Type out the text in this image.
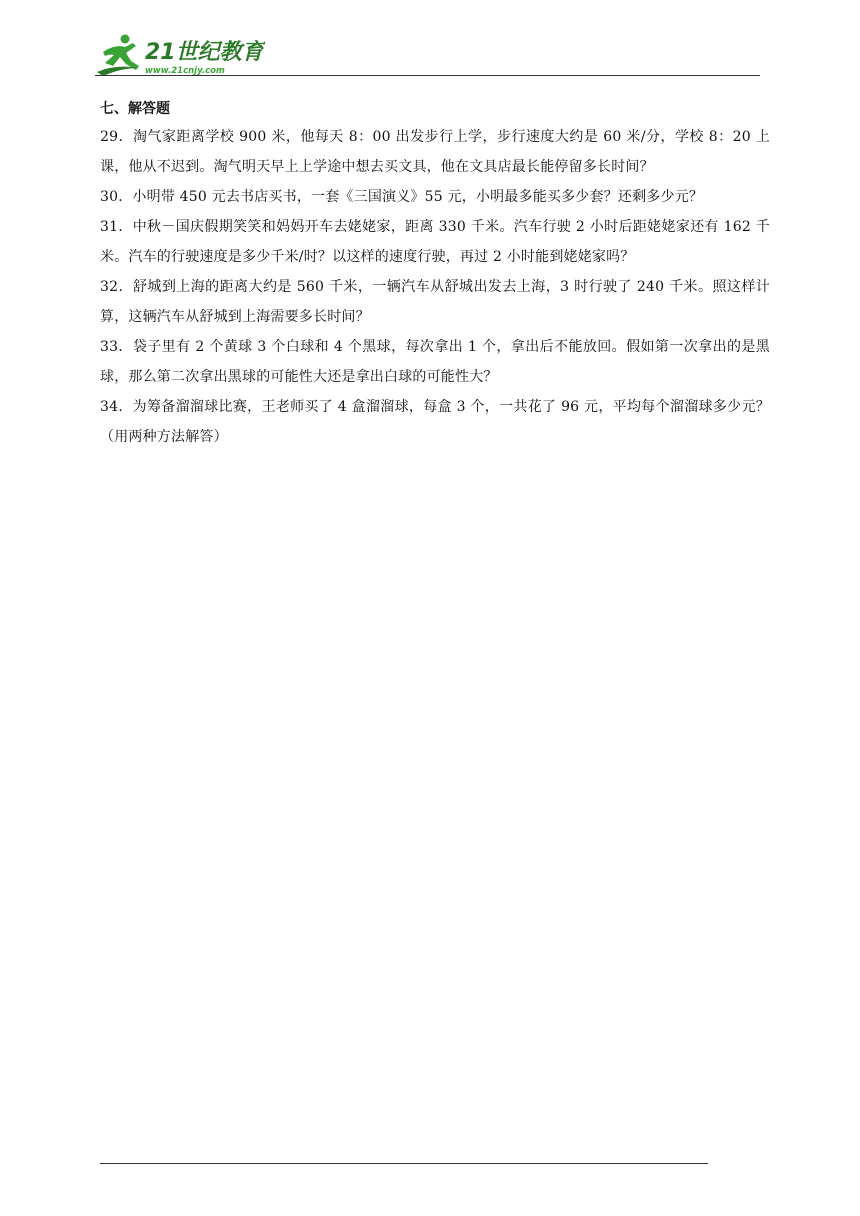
21世纪教育
www.21cnjy.com
七、解答题

29．淘气家距离学校 900 米，他每天 8：00 出发步行上学，步行速度大约是 60 米/分，学校 8：20 上课，他从不迟到。淘气明天早上上学途中想去买文具，他在文具店最长能停留多长时间？

30．小明带 450 元去书店买书，一套《三国演义》55 元，小明最多能买多少套？还剩多少元？

31．中秋－国庆假期笑笑和妈妈开车去姥姥家，距离 330 千米。汽车行驶 2 小时后距姥姥家还有 162 千米。汽车的行驶速度是多少千米/时？以这样的速度行驶，再过 2 小时能到姥姥家吗？

32．舒城到上海的距离大约是 560 千米，一辆汽车从舒城出发去上海，3 时行驶了 240 千米。照这样计算，这辆汽车从舒城到上海需要多长时间？

33．袋子里有 2 个黄球 3 个白球和 4 个黑球，每次拿出 1 个，拿出后不能放回。假如第一次拿出的是黑球，那么第二次拿出黑球的可能性大还是拿出白球的可能性大？

34．为筹备溜溜球比赛，王老师买了 4 盒溜溜球，每盒 3 个，一共花了 96 元，平均每个溜溜球多少元？（用两种方法解答）
